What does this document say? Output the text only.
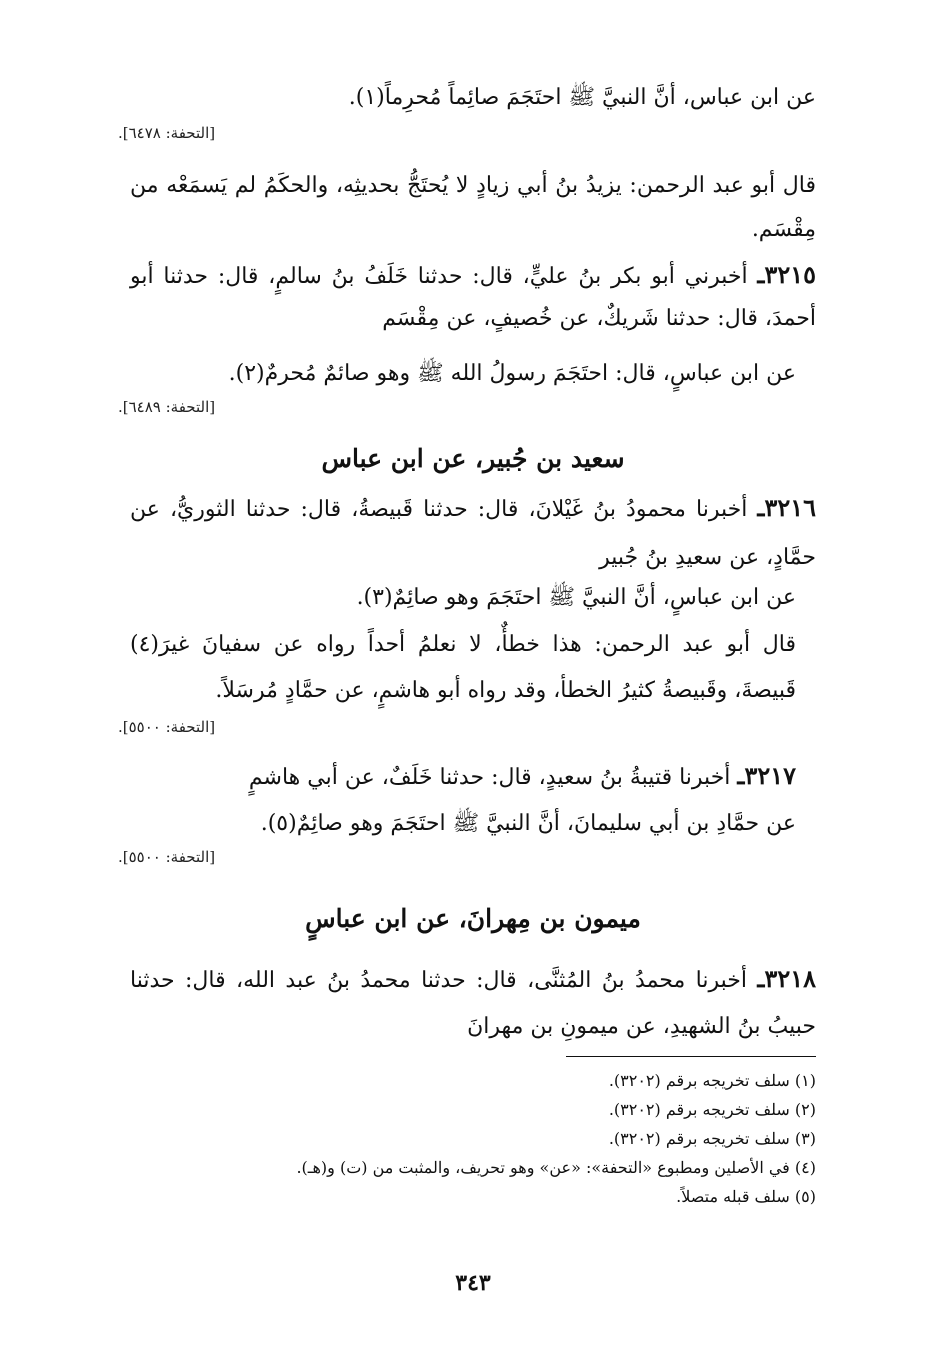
عن ابن عباس، أنَّ النبيَّ ﷺ احتَجَمَ صائِماً مُحرِماً(١).

[التحفة: ٦٤٧٨].

قال أبو عبد الرحمن: يزيدُ بنُ أبي زيادٍ لا يُحتَجُّ بحديثِه، والحكَمُ لم يَسمَعْه من مِقْسَم.

٣٢١٥ـ أخبرني أبو بكر بنُ عليٍّ، قال: حدثنا خَلَفُ بنُ سالمٍ، قال: حدثنا أبو أحمدَ، قال: حدثنا شَريكٌ، عن خُصيفٍ، عن مِقْسَم

عن ابن عباسٍ، قال: احتَجَمَ رسولُ الله ﷺ وهو صائمٌ مُحرمٌ(٢).

[التحفة: ٦٤٨٩].
سعيد بن جُبير، عن ابن عباس

٣٢١٦ـ أخبرنا محمودُ بنُ غَيْلانَ، قال: حدثنا قَبيصةُ، قال: حدثنا الثوريُّ، عن حمَّادٍ، عن سعيدِ بنُ جُبير

عن ابن عباسٍ، أنَّ النبيَّ ﷺ احتَجَمَ وهو صائِمٌ(٣).

قال أبو عبد الرحمن: هذا خطأٌ، لا نعلمُ أحداً رواه عن سفيانَ غيرَ(٤) قَبيصةَ، وقَبيصةُ كثيرُ الخطأ، وقد رواه أبو هاشمٍ، عن حمَّادٍ مُرسَلاً.

[التحفة: ٥٥٠٠].

٣٢١٧ـ أخبرنا قتيبةُ بنُ سعيدٍ، قال: حدثنا خَلَفٌ، عن أبي هاشمٍ

عن حمَّادِ بن أبي سليمانَ، أنَّ النبيَّ ﷺ احتَجَمَ وهو صائِمٌ(٥).

[التحفة: ٥٥٠٠].
ميمون بن مِهرانَ، عن ابن عباسٍ

٣٢١٨ـ أخبرنا محمدُ بنُ المُثنَّى، قال: حدثنا محمدُ بنُ عبد الله، قال: حدثنا حبيبُ بنُ الشهيدِ، عن ميمونِ بن مهرانَ

(١) سلف تخريجه برقم (٣٢٠٢).
(٢) سلف تخريجه برقم (٣٢٠٢).
(٣) سلف تخريجه برقم (٣٢٠٢).
(٤) في الأصلين ومطبوع «التحفة»: «عن» وهو تحريف، والمثبت من (ت) و(هـ).
(٥) سلف قبله متصلاً.
٣٤٣
